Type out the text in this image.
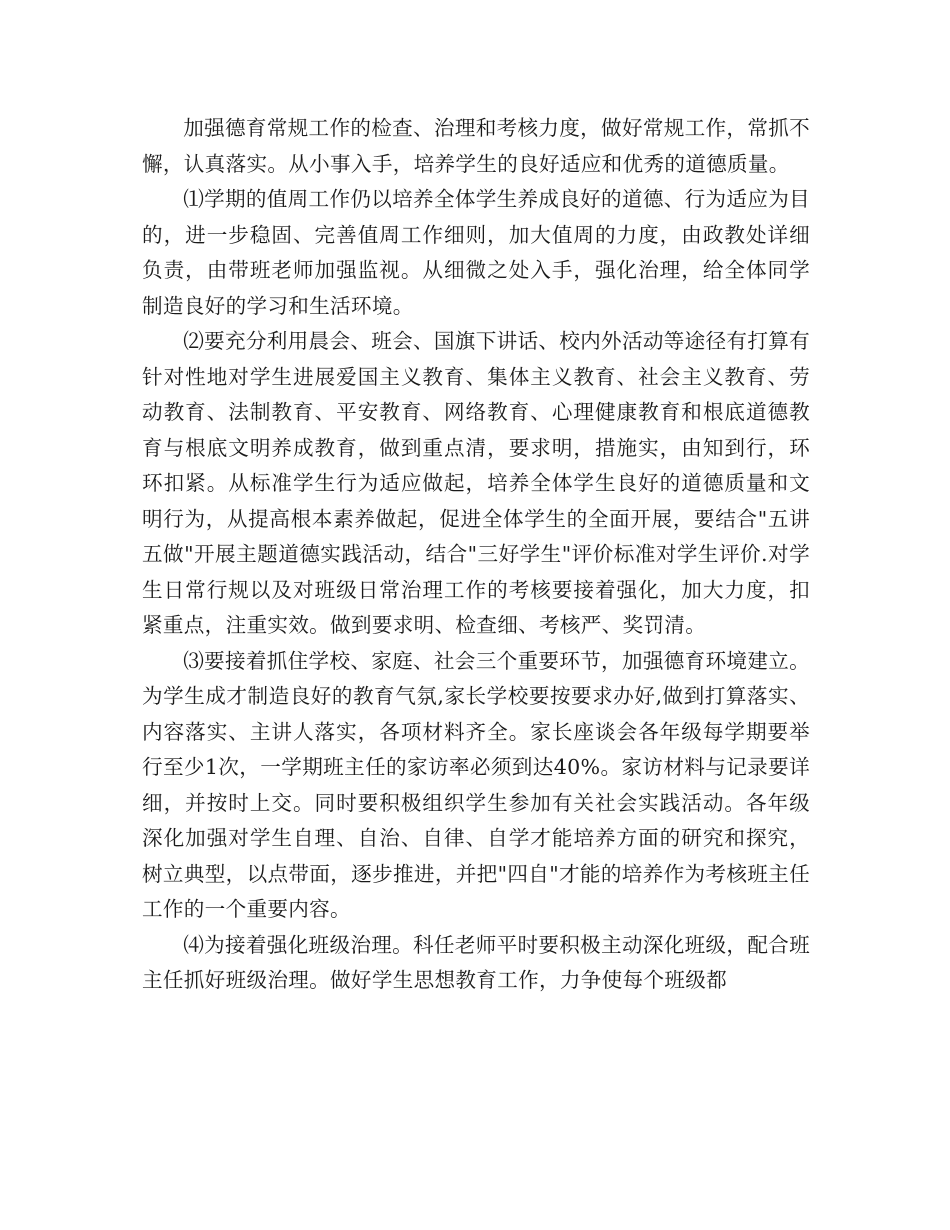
加强德育常规工作的检查、治理和考核力度，做好常规工作，常抓不懈，认真落实。从小事入手，培养学生的良好适应和优秀的道德质量。

⑴学期的值周工作仍以培养全体学生养成良好的道德、行为适应为目的，进一步稳固、完善值周工作细则，加大值周的力度，由政教处详细负责，由带班老师加强监视。从细微之处入手，强化治理，给全体同学制造良好的学习和生活环境。

⑵要充分利用晨会、班会、国旗下讲话、校内外活动等途径有打算有针对性地对学生进展爱国主义教育、集体主义教育、社会主义教育、劳动教育、法制教育、平安教育、网络教育、心理健康教育和根底道德教育与根底文明养成教育，做到重点清，要求明，措施实，由知到行，环环扣紧。从标准学生行为适应做起，培养全体学生良好的道德质量和文明行为，从提高根本素养做起，促进全体学生的全面开展，要结合"五讲五做"开展主题道德实践活动，结合"三好学生"评价标准对学生评价.对学生日常行规以及对班级日常治理工作的考核要接着强化，加大力度，扣紧重点，注重实效。做到要求明、检查细、考核严、奖罚清。

⑶要接着抓住学校、家庭、社会三个重要环节，加强德育环境建立。为学生成才制造良好的教育气氛,家长学校要按要求办好,做到打算落实、内容落实、主讲人落实，各项材料齐全。家长座谈会各年级每学期要举行至少1次，一学期班主任的家访率必须到达40%。家访材料与记录要详细，并按时上交。同时要积极组织学生参加有关社会实践活动。各年级深化加强对学生自理、自治、自律、自学才能培养方面的研究和探究，树立典型，以点带面，逐步推进，并把"四自"才能的培养作为考核班主任工作的一个重要内容。

⑷为接着强化班级治理。科任老师平时要积极主动深化班级，配合班主任抓好班级治理。做好学生思想教育工作，力争使每个班级都
